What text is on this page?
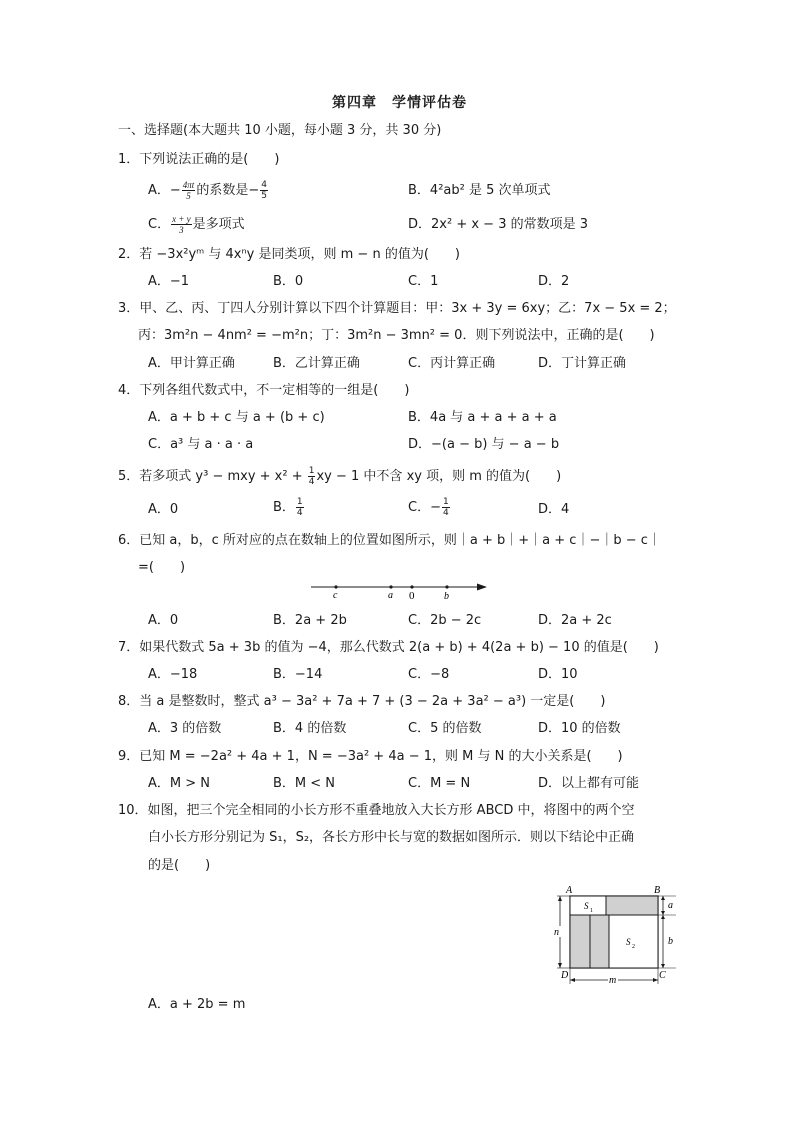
第四章　学情评估卷
一、选择题(本大题共 10 小题，每小题 3 分，共 30 分)
1．下列说法正确的是(　　)
A．− $\frac{4\pi t}{5}$ 的系数是− $\frac{4}{5}$	B．4²ab² 是 5 次单项式
C． $\frac{x + y}{3}$ 是多项式	D．2x² + x − 3 的常数项是 3
2．若 −3x²yᵐ 与 4xⁿy 是同类项，则 m − n 的值为(　　)
A．−1	B．0	C．1	D．2
3．甲、乙、丙、丁四人分别计算以下四个计算题目：甲：3x + 3y = 6xy；乙：7x − 5x = 2；
丙：3m²n − 4nm² = −m²n；丁：3m²n − 3mn² = 0．则下列说法中，正确的是(　　)
A．甲计算正确	B．乙计算正确	C．丙计算正确	D．丁计算正确
4．下列各组代数式中，不一定相等的一组是(　　)
A．a + b + c 与 a + (b + c)	B．4a 与 a + a + a + a
C．a³ 与 a · a · a	D．−(a − b) 与 − a − b
5．若多项式 y³ − mxy + $x^2 + \frac{1}{4}$ xy − 1 中不含 xy 项，则 m 的值为(　　)
A．0	B． $\frac{1}{4}$	C．− $\frac{1}{4}$	D．4
6．已知 a，b，c 所对应的点在数轴上的位置如图所示，则｜a + b｜+｜a + c｜−｜b − c｜
=(　　)
c	a 0	b
A．0	B．2a + 2b	C．2b − 2c	D．2a + 2c
7．如果代数式 5a + 3b 的值为 −4，那么代数式 2(a + b) + 4(2a + b) − 10 的值是(　　)
A．−18	B．−14	C．−8	D．10
8．当 a 是整数时，整式 a³ − 3a² + 7a + 7 + (3 − 2a + 3a² − a³) 一定是(　　)
A．3 的倍数	B．4 的倍数	C．5 的倍数	D．10 的倍数
9．已知 M = −2a² + 4a + 1，N = −3a² + 4a − 1，则 M 与 N 的大小关系是(　　)
A．M > N	B．M < N	C．M = N	D．以上都有可能
10．如图，把三个完全相同的小长方形不重叠地放入大长方形 ABCD 中，将图中的两个空
白小长方形分别记为 S₁，S₂，各长方形中长与宽的数据如图所示．则以下结论中正确
的是(　　)
A	B
D	C
S 1
S 2
n
a
b
m
A．a + 2b = m
